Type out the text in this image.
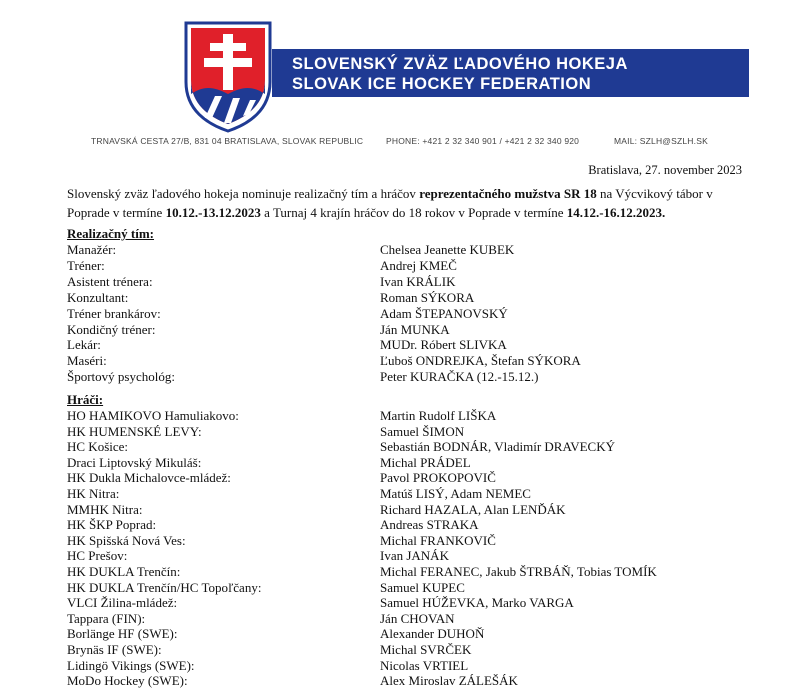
SLOVENSKÝ ZVÄZ ĽADOVÉHO HOKEJA
SLOVAK ICE HOCKEY FEDERATION
TRNAVSKÁ CESTA 27/B, 831 04 BRATISLAVA, SLOVAK REPUBLIC	PHONE: +421 2 32 340 901 / +421 2 32 340 920	MAIL: SZLH@SZLH.SK
Bratislava, 27. november 2023
Slovenský zväz ľadového hokeja nominuje realizačný tím a hráčov reprezentačného mužstva SR 18 na Výcvikový tábor v Poprade v termíne 10.12.-13.12.2023 a Turnaj 4 krajín hráčov do 18 rokov v Poprade v termíne 14.12.-16.12.2023.
Realizačný tím:
Manažér:	Chelsea Jeanette KUBEK
Tréner:	Andrej KMEČ
Asistent trénera:	Ivan KRÁLIK
Konzultant:	Roman SÝKORA
Tréner brankárov:	Adam ŠTEPANOVSKÝ
Kondičný tréner:	Ján MUNKA
Lekár:	MUDr. Róbert SLIVKA
Maséri:	Ľuboš ONDREJKA, Štefan SÝKORA
Športový psychológ:	Peter KURAČKA (12.-15.12.)
Hráči:
HO HAMIKOVO Hamuliakovo:	Martin Rudolf LIŠKA
HK HUMENSKÉ LEVY:	Samuel ŠIMON
HC Košice:	Sebastián BODNÁR, Vladimír DRAVECKÝ
Draci Liptovský Mikuláš:	Michal PRÁDEL
HK Dukla Michalovce-mládež:	Pavol PROKOPOVIČ
HK Nitra:	Matúš LISÝ, Adam NEMEC
MMHK Nitra:	Richard HAZALA, Alan LENĎÁK
HK ŠKP Poprad:	Andreas STRAKA
HK Spišská Nová Ves:	Michal FRANKOVIČ
HC Prešov:	Ivan JANÁK
HK DUKLA Trenčín:	Michal FERANEC, Jakub ŠTRBÁŇ, Tobias TOMÍK
HK DUKLA Trenčín/HC Topoľčany:	Samuel KUPEC
VLCI Žilina-mládež:	Samuel HÚŽEVKA, Marko VARGA
Tappara (FIN):	Ján CHOVAN
Borlänge HF (SWE):	Alexander DUHOŇ
Brynäs IF (SWE):	Michal SVRČEK
Lidingö Vikings (SWE):	Nicolas VRTIEL
MoDo Hockey (SWE):	Alex Miroslav ZÁLEŠÁK
